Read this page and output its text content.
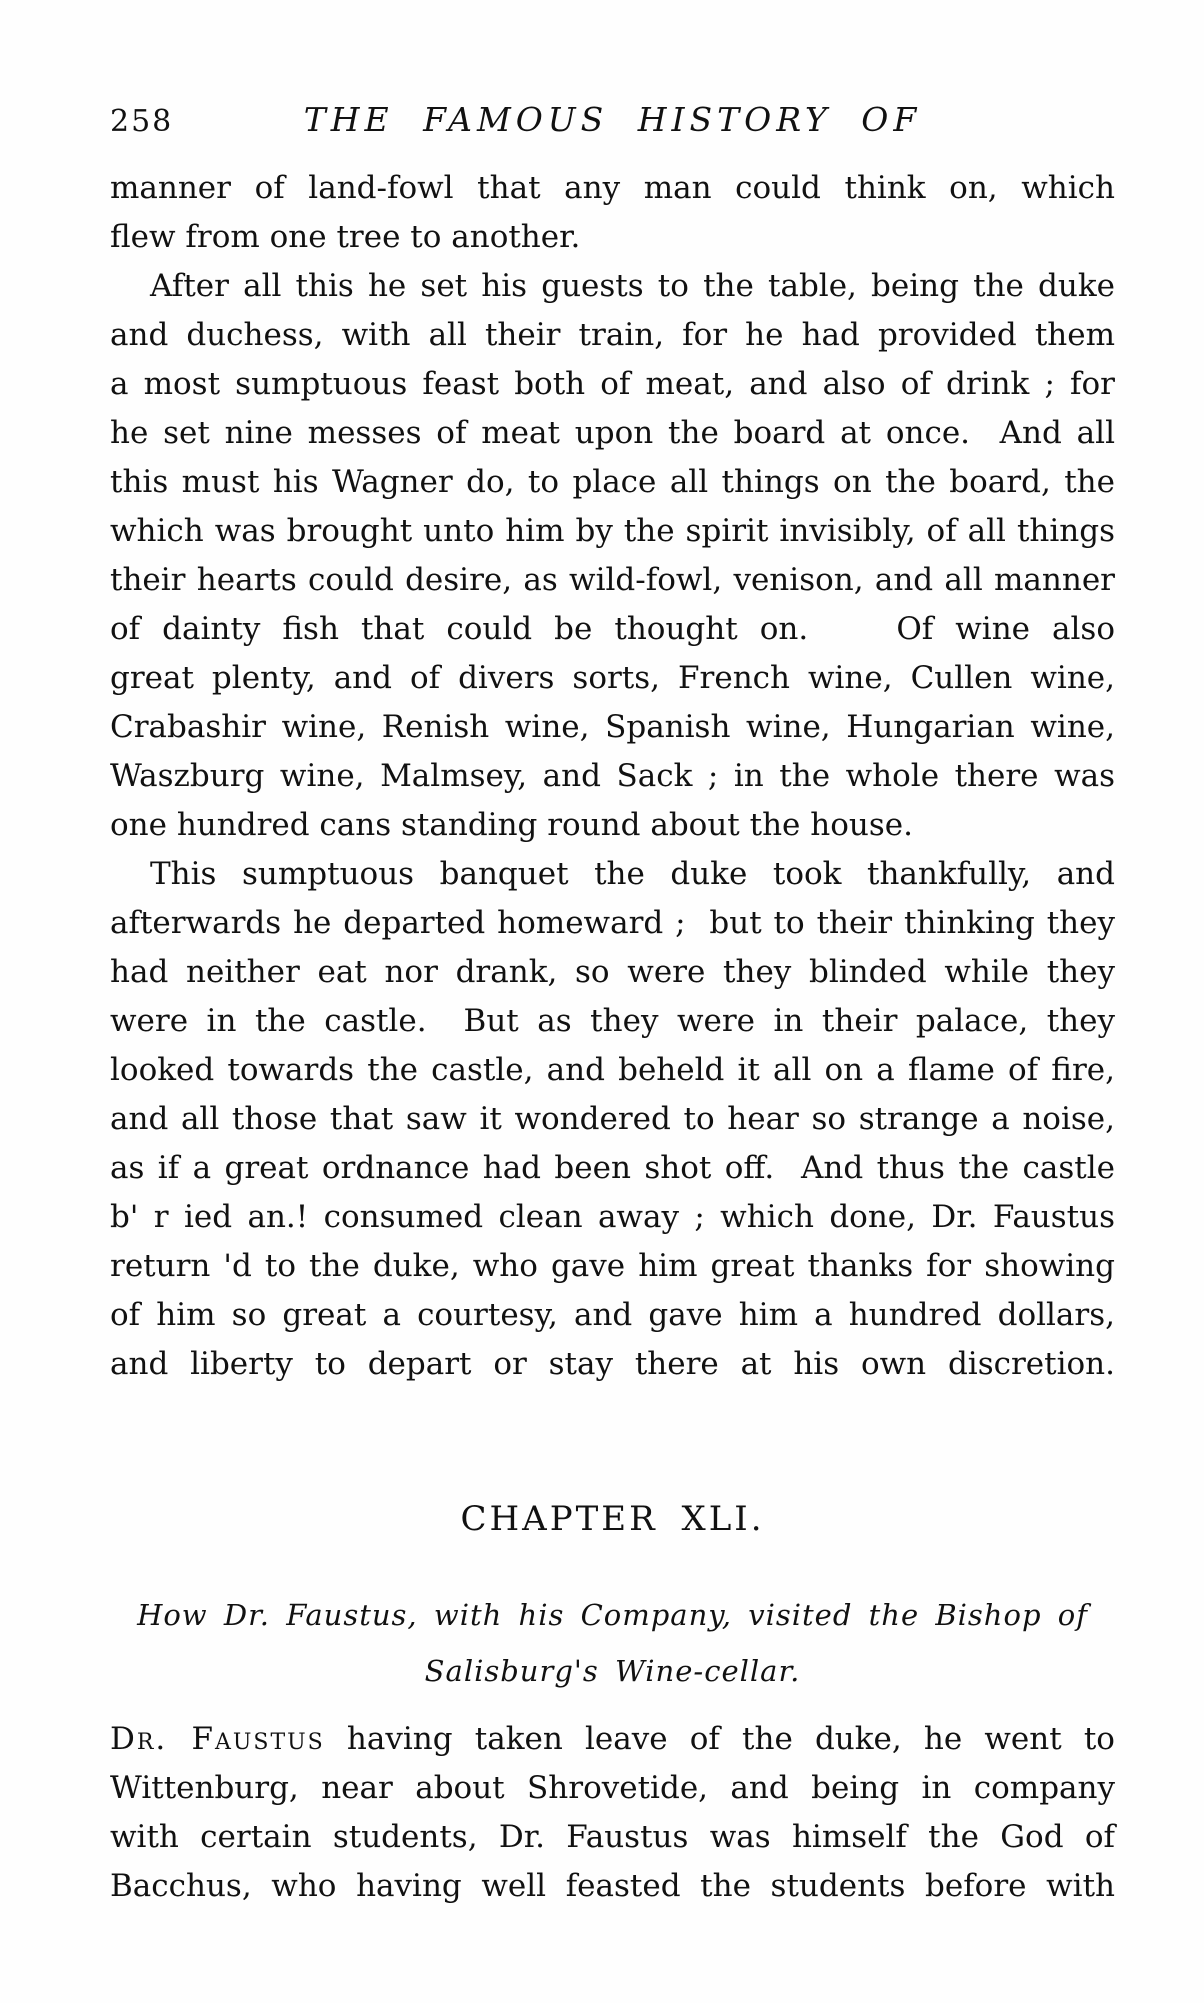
258	THE FAMOUS HISTORY OF
manner of land-fowl that any man could think on, which
flew from one tree to another.
After all this he set his guests to the table, being the duke
and duchess, with all their train, for he had provided them
a most sumptuous feast both of meat, and also of drink ; for
he set nine messes of meat upon the board at once.  And all
this must his Wagner do, to place all things on the board, the
which was brought unto him by the spirit invisibly, of all things
their hearts could desire, as wild-fowl, venison, and all manner
of dainty fish that could be thought on.    Of wine also
great plenty, and of divers sorts, French wine, Cullen wine,
Crabashir wine, Renish wine, Spanish wine, Hungarian wine,
Waszburg wine, Malmsey, and Sack ; in the whole there was
one hundred cans standing round about the house.
This sumptuous banquet the duke took thankfully, and
afterwards he departed homeward ;  but to their thinking they
had neither eat nor drank, so were they blinded while they
were in the castle.  But as they were in their palace, they
looked towards the castle, and beheld it all on a flame of fire,
and all those that saw it wondered to hear so strange a noise,
as if a great ordnance had been shot off.  And thus the castle
b' r ied an.! consumed clean away ; which done, Dr. Faustus
return 'd to the duke, who gave him great thanks for showing
of him so great a courtesy, and gave him a hundred dollars,
and liberty to depart or stay there at his own discretion.
CHAPTER XLI.
How Dr. Faustus, with his Company, visited the Bishop of
Salisburg's Wine-cellar.
Dr. Faustus having taken leave of the duke, he went to
Wittenburg, near about Shrovetide, and being in company
with certain students, Dr. Faustus was himself the God of
Bacchus, who having well feasted the students before with
